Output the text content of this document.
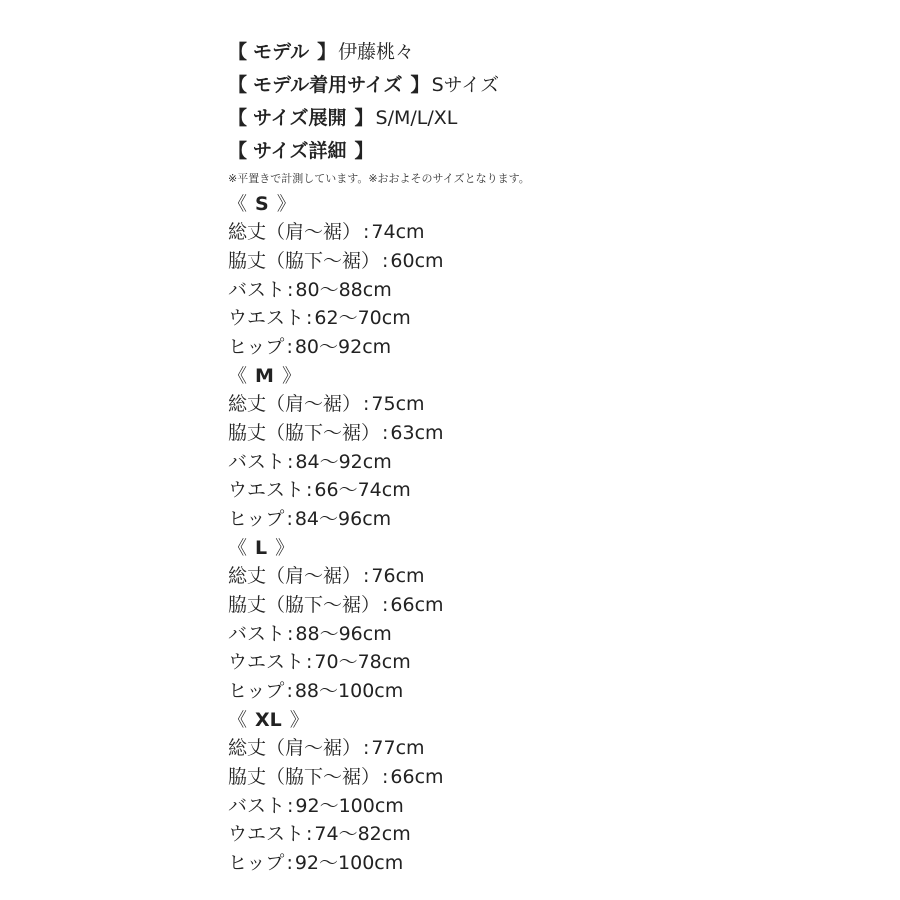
【 モデル 】 伊藤桃々
【 モデル着用サイズ 】 Sサイズ
【 サイズ展開 】 S/M/L/XL
【 サイズ詳細 】
※平置きで計測しています。※おおよそのサイズとなります。
《 S 》
総丈（肩〜裾） : 74cm
脇丈（脇下〜裾） : 60cm
バスト : 80〜88cm
ウエスト : 62〜70cm
ヒップ : 80〜92cm
《 M 》
総丈（肩〜裾） : 75cm
脇丈（脇下〜裾） : 63cm
バスト : 84〜92cm
ウエスト : 66〜74cm
ヒップ : 84〜96cm
《 L 》
総丈（肩〜裾） : 76cm
脇丈（脇下〜裾） : 66cm
バスト : 88〜96cm
ウエスト : 70〜78cm
ヒップ : 88〜100cm
《 XL 》
総丈（肩〜裾） : 77cm
脇丈（脇下〜裾） : 66cm
バスト : 92〜100cm
ウエスト : 74〜82cm
ヒップ : 92〜100cm
